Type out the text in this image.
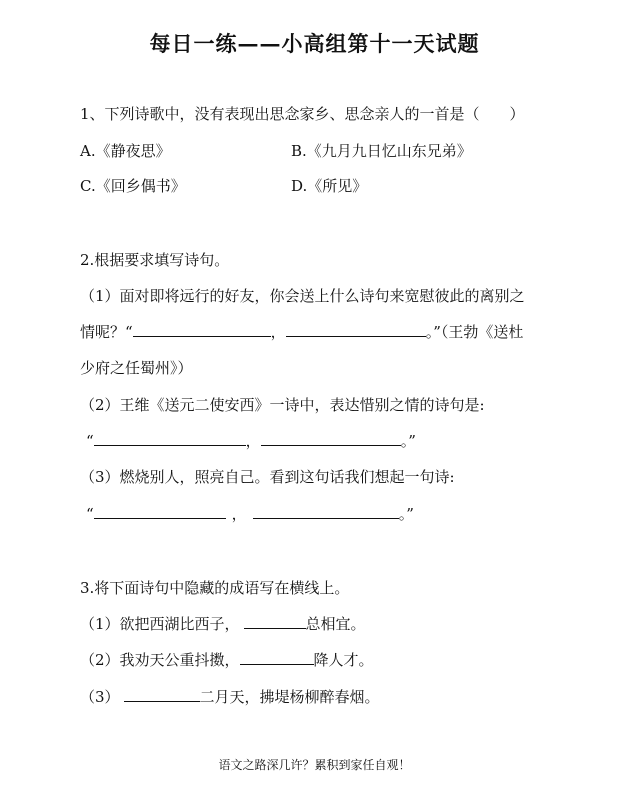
每日一练——小高组第十一天试题
1、下列诗歌中，没有表现出思念家乡、思念亲人的一首是（　　）
A.《静夜思》	B.《九月九日忆山东兄弟》
C.《回乡偶书》	D.《所见》
2.根据要求填写诗句。
（1）面对即将远行的好友，你会送上什么诗句来宽慰彼此的离别之
情呢？“	，	。”（王勃《送杜
少府之任蜀州》）
（2）王维《送元二使安西》一诗中，表达惜别之情的诗句是:
“	，	。”
（3）燃烧别人，照亮自己。看到这句话我们想起一句诗:
“	，	。”
3.将下面诗句中隐藏的成语写在横线上。
（1）欲把西湖比西子，	总相宜。
（2）我劝天公重抖擞，	降人才。
（3）	二月天，拂堤杨柳醉春烟。
语文之路深几许？累积到家任自观！
